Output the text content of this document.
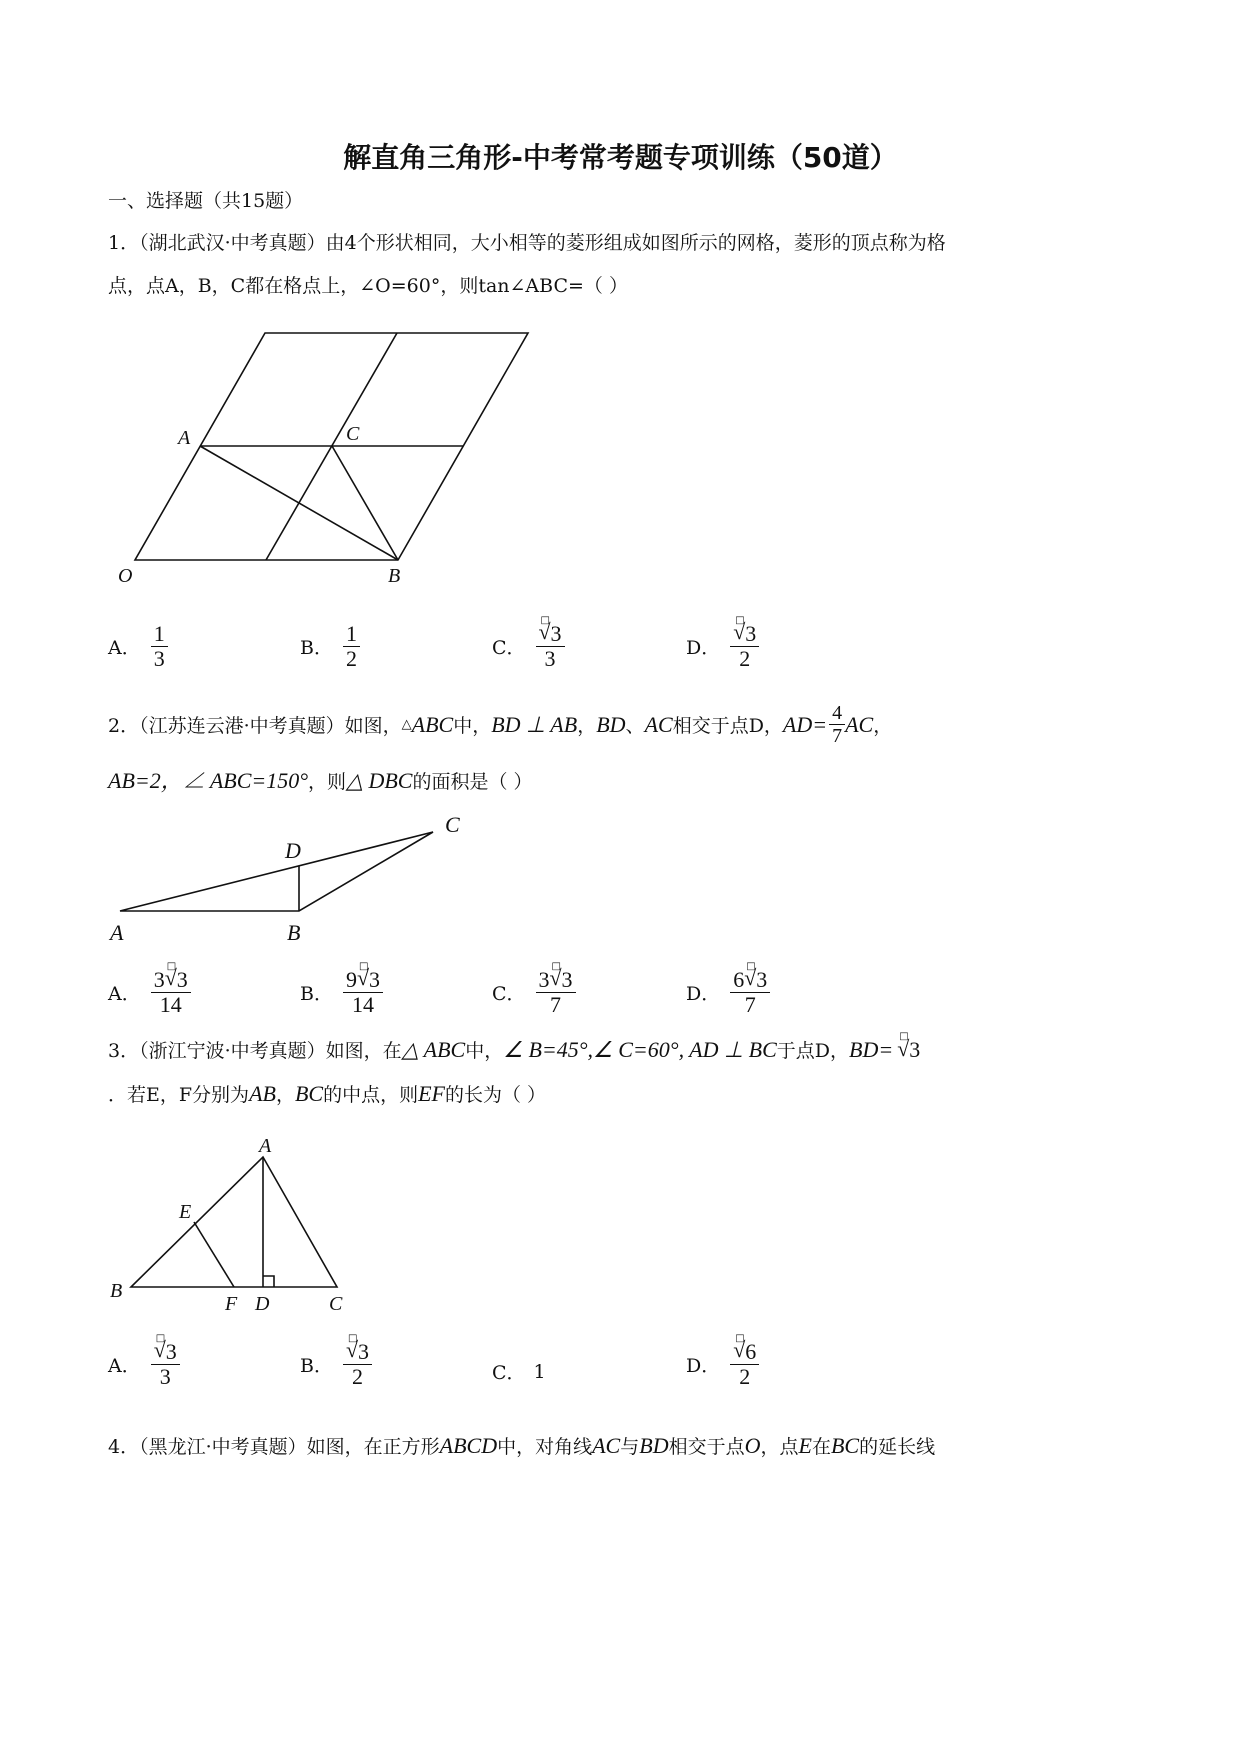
解直角三角形-中考常考题专项训练（50道）
一、选择题（共15题）
1．（湖北武汉·中考真题）由4个形状相同，大小相等的菱形组成如图所示的网格，菱形的顶点称为格
点，点A，B，C都在格点上，∠O=60°，则tan∠ABC=（ ）
A	C
O	B
A． $\frac{1}{3}$	B． $\frac{1}{2}$	C． √ □
3
3	D． √ □
3
2
2．（江苏连云港·中考真题）如图， △ ABC 中， BD ⊥ AB ， BD 、 AC 相交于点D， $AD= \frac{4}{7}$ AC ，
AB=2，∠ ABC=150° ，则 △ DBC 的面积是（ ）
D
C
A	B
A． 3
√ □
3
14	B． 9
√ □
3
14	C． 3
√ □
3
7	D． 6
√ □
3
7
3．（浙江宁波·中考真题）如图，在 △ ABC 中， ∠ B=45°,∠ C=60°, AD ⊥ BC 于点D， BD=
√ □
3
．若E，F分别为 AB ， BC 的中点，则 EF 的长为（ ）
A
E
B
F D	C
A． √ □
3
3	B． √ □
3
2	C． 1	D． √ □
6
2
4．（黑龙江·中考真题）如图，在正方形 ABCD 中，对角线 AC 与 BD 相交于点 O ，点 E 在 BC 的延长线
